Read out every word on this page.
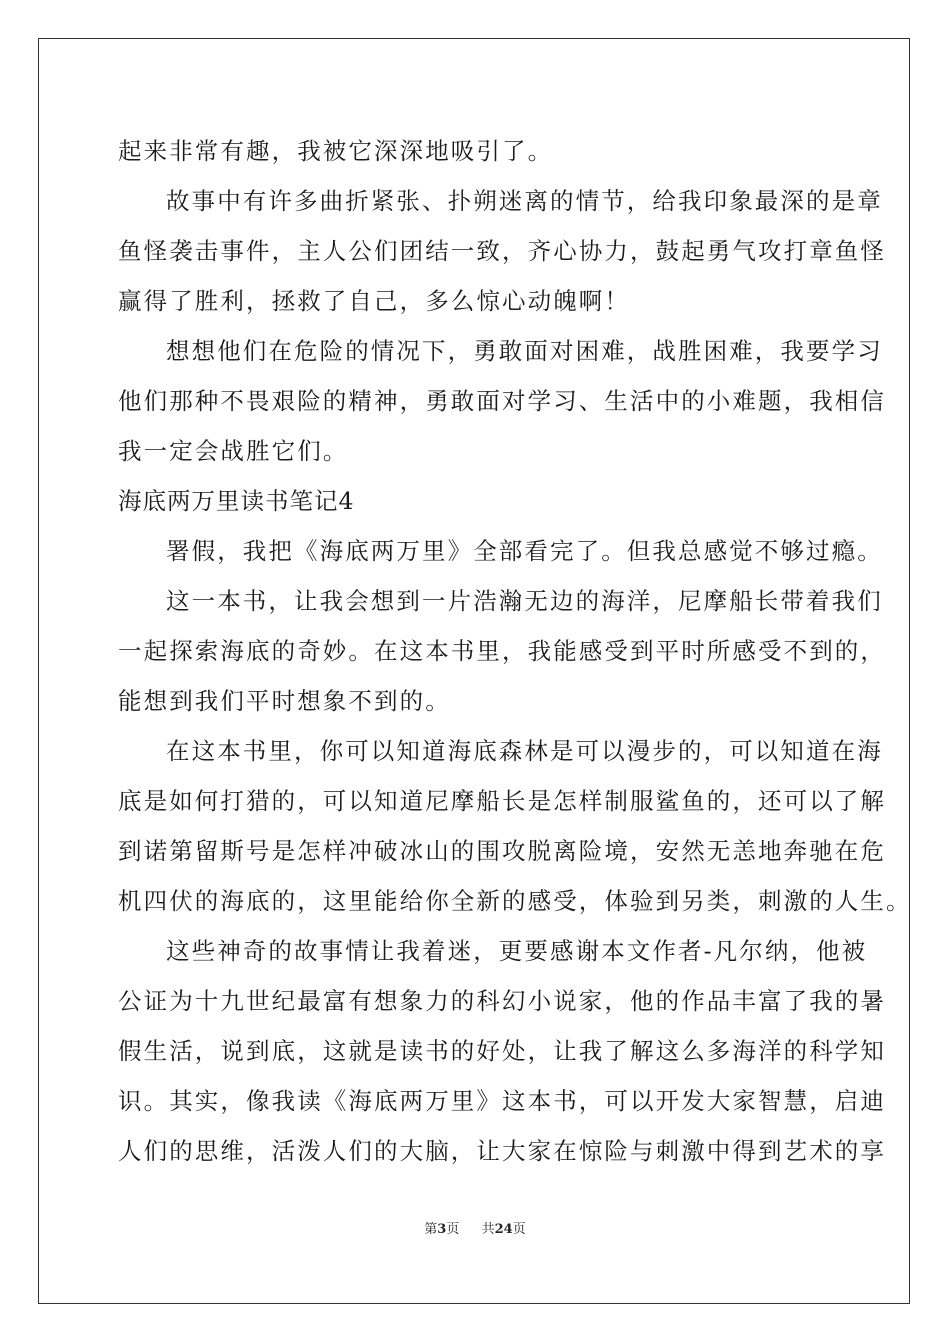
起来非常有趣，我被它深深地吸引了。
故事中有许多曲折紧张、扑朔迷离的情节，给我印象最深的是章
鱼怪袭击事件，主人公们团结一致，齐心协力，鼓起勇气攻打章鱼怪
赢得了胜利，拯救了自己，多么惊心动魄啊！
想想他们在危险的情况下，勇敢面对困难，战胜困难，我要学习
他们那种不畏艰险的精神，勇敢面对学习、生活中的小难题，我相信
我一定会战胜它们。
海底两万里读书笔记4
署假，我把《海底两万里》全部看完了。但我总感觉不够过瘾。
这一本书，让我会想到一片浩瀚无边的海洋，尼摩船长带着我们
一起探索海底的奇妙。在这本书里，我能感受到平时所感受不到的，
能想到我们平时想象不到的。
在这本书里，你可以知道海底森林是可以漫步的，可以知道在海
底是如何打猎的，可以知道尼摩船长是怎样制服鲨鱼的，还可以了解
到诺第留斯号是怎样冲破冰山的围攻脱离险境，安然无恙地奔驰在危
机四伏的海底的，这里能给你全新的感受，体验到另类，刺激的人生。
这些神奇的故事情让我着迷，更要感谢本文作者-凡尔纳，他被
公证为十九世纪最富有想象力的科幻小说家，他的作品丰富了我的暑
假生活，说到底，这就是读书的好处，让我了解这么多海洋的科学知
识。其实，像我读《海底两万里》这本书，可以开发大家智慧，启迪
人们的思维，活泼人们的大脑，让大家在惊险与刺激中得到艺术的享
第3页 共24页
